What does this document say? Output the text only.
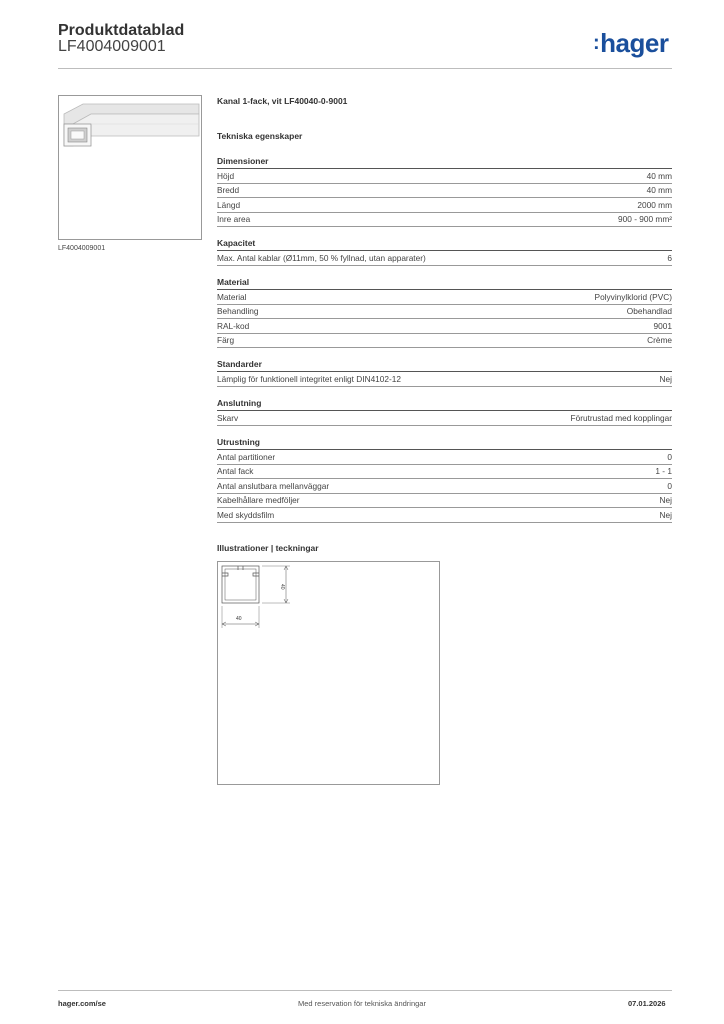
Produktdatablad
LF4004009001	:hager
LF4004009001
Kanal 1-fack, vit LF40040-0-9001
Tekniska egenskaper
Dimensioner
Höjd	40 mm
Bredd	40 mm
Längd	2000 mm
Inre area	900 - 900 mm²
Kapacitet
Max. Antal kablar (Ø11mm, 50 % fyllnad, utan apparater)	6
Material
Material	Polyvinylklorid (PVC)
Behandling	Obehandlad
RAL-kod	9001
Färg	Crème
Standarder
Lämplig för funktionell integritet enligt DIN4102-12	Nej
Anslutning
Skarv	Förutrustad med kopplingar
Utrustning
Antal partitioner	0
Antal fack	1 - 1
Antal anslutbara mellanväggar	0
Kabelhållare medföljer	Nej
Med skyddsfilm	Nej
Illustrationer | teckningar
40
40
hager.com/se	Med reservation för tekniska ändringar	07.01.2026
